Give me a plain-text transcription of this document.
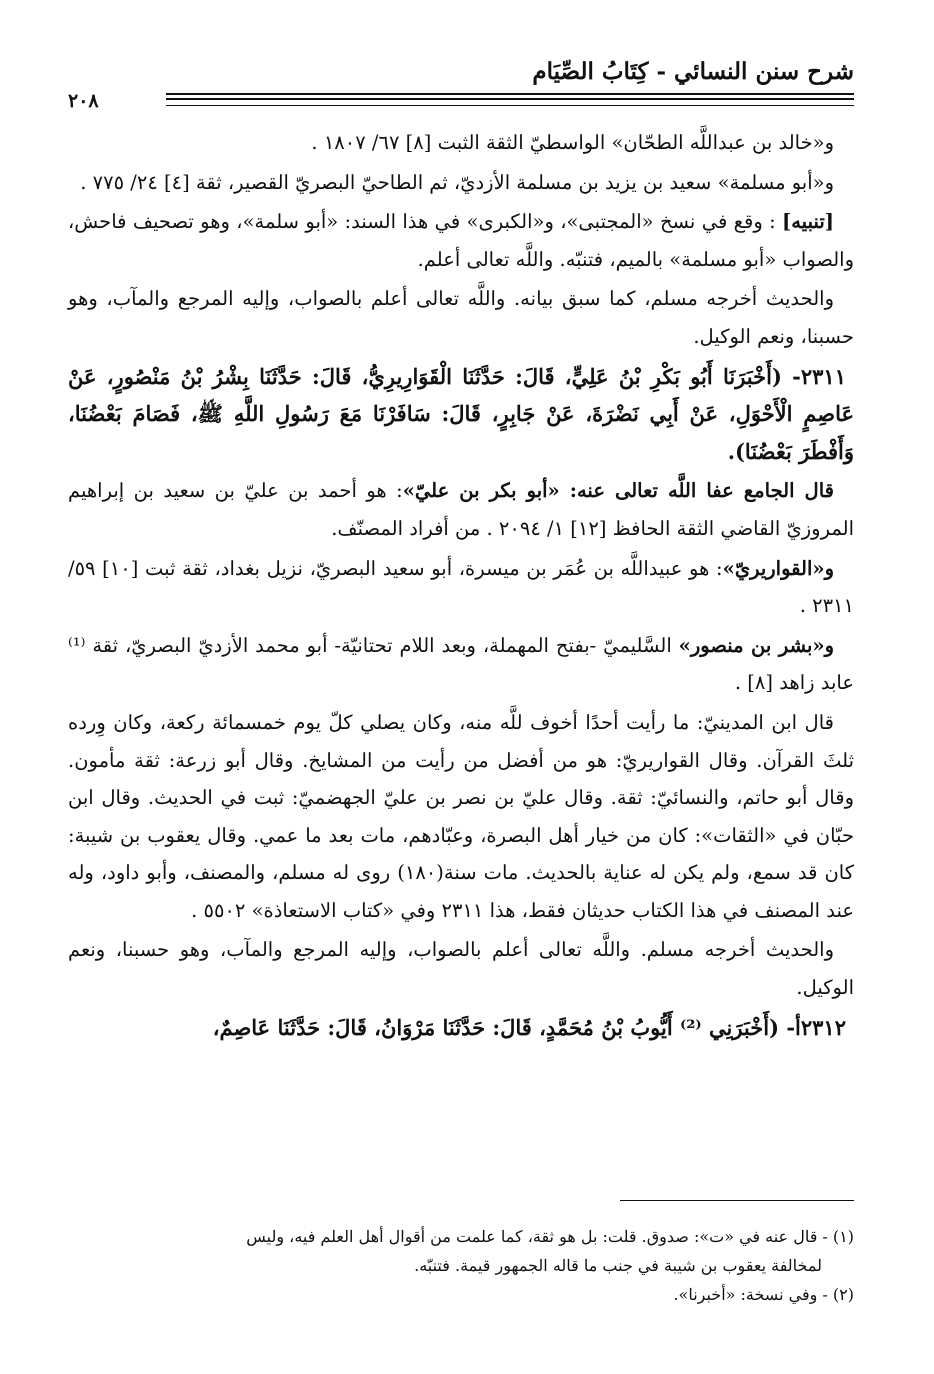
شرح سنن النسائي - كِتَابُ الصِّيَام
٢٠٨

و«خالد بن عبداللَّه الطحّان» الواسطيّ الثقة الثبت [٨] ٦٧/ ١٨٠٧ .

و«أبو مسلمة» سعيد بن يزيد بن مسلمة الأزديّ، ثم الطاحيّ البصريّ القصير، ثقة [٤] ٢٤/ ٧٧٥ .

[تنبيه] : وقع في نسخ «المجتبى»، و«الكبرى» في هذا السند: «أبو سلمة»، وهو تصحيف فاحش، والصواب «أبو مسلمة» بالميم، فتنبّه. واللَّه تعالى أعلم.

والحديث أخرجه مسلم، كما سبق بيانه. واللَّه تعالى أعلم بالصواب، وإليه المرجع والمآب، وهو حسبنا، ونعم الوكيل.

٢٣١١- (أَخْبَرَنَا أَبُو بَكْرِ بْنُ عَلِيٍّ، قَالَ: حَدَّثَنَا الْقَوَارِيرِيُّ، قَالَ: حَدَّثَنَا بِشْرُ بْنُ مَنْصُورٍ، عَنْ عَاصِمٍ الْأَحْوَلِ، عَنْ أَبِي نَضْرَةَ، عَنْ جَابِرٍ، قَالَ: سَافَرْنَا مَعَ رَسُولِ اللَّهِ ﷺ، فَصَامَ بَعْضُنَا، وَأَفْطَرَ بَعْضُنَا).

قال الجامع عفا اللَّه تعالى عنه: «أبو بكر بن عليّ»: هو أحمد بن عليّ بن سعيد بن إبراهيم المروزيّ القاضي الثقة الحافظ [١٢] ١/ ٢٠٩٤ . من أفراد المصنّف.

و«القواريريّ»: هو عبيداللَّه بن عُمَر بن ميسرة، أبو سعيد البصريّ، نزيل بغداد، ثقة ثبت [١٠] ٥٩/ ٢٣١١ .

و«بشر بن منصور» السَّليميّ -بفتح المهملة، وبعد اللام تحتانيّة- أبو محمد الأزديّ البصريّ، ثقة ⁽¹⁾ عابد زاهد [٨] .

قال ابن المدينيّ: ما رأيت أحدًا أخوف للَّه منه، وكان يصلي كلّ يوم خمسمائة ركعة، وكان وِرده ثلثَ القرآن. وقال القواريريّ: هو من أفضل من رأيت من المشايخ. وقال أبو زرعة: ثقة مأمون. وقال أبو حاتم، والنسائيّ: ثقة. وقال عليّ بن نصر بن عليّ الجهضميّ: ثبت في الحديث. وقال ابن حبّان في «الثقات»: كان من خيار أهل البصرة، وعبّادهم، مات بعد ما عمي. وقال يعقوب بن شيبة: كان قد سمع، ولم يكن له عناية بالحديث. مات سنة(١٨٠) روى له مسلم، والمصنف، وأبو داود، وله عند المصنف في هذا الكتاب حديثان فقط، هذا ٢٣١١ وفي «كتاب الاستعاذة» ٥٥٠٢ .

والحديث أخرجه مسلم. واللَّه تعالى أعلم بالصواب، وإليه المرجع والمآب، وهو حسبنا، ونعم الوكيل.

٢٣١٢أ- (أَخْبَرَنِي ⁽²⁾ أَيُّوبُ بْنُ مُحَمَّدٍ، قَالَ: حَدَّثَنَا مَرْوَانُ، قَالَ: حَدَّثَنَا عَاصِمٌ،

(١) - قال عنه في «ت»: صدوق. قلت: بل هو ثقة، كما علمت من أقوال أهل العلم فيه، وليس

لمخالفة يعقوب بن شيبة في جنب ما قاله الجمهور قيمة. فتنبّه.

(٢) - وفي نسخة: «أخبرنا».
